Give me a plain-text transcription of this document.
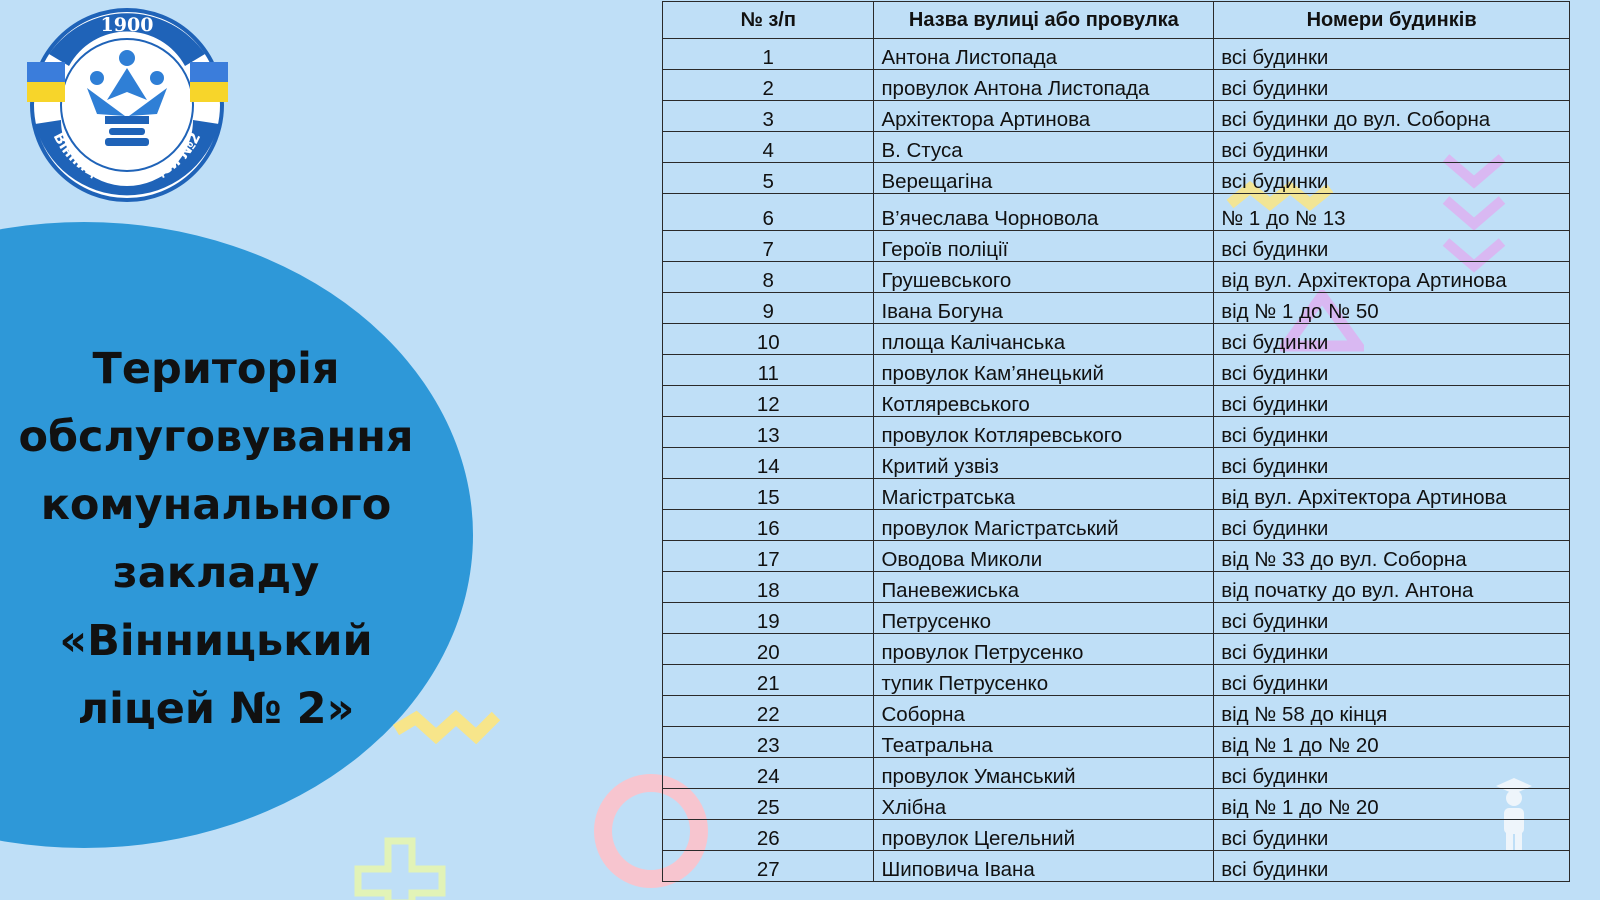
1900
Вінницький ліцей №2
Територія
обслуговування
комунального
закладу
«Вінницький
ліцей № 2»
№ з/п	Назва вулиці або провулка	Номери будинків
1	Антона Листопада	всі будинки
2	провулок Антона Листопада	всі будинки
3	Архітектора Артинова	всі будинки до вул. Соборна
4	В. Стуса	всі будинки
5	Верещагіна	всі будинки
6	В’ячеслава Чорновола	№ 1 до № 13
7	Героїв поліції	всі будинки
8	Грушевського	від вул. Архітектора Артинова
9	Івана Богуна	від № 1 до № 50
10	площа Калічанська	всі будинки
11	провулок Кам’янецький	всі будинки
12	Котляревського	всі будинки
13	провулок Котляревського	всі будинки
14	Критий узвіз	всі будинки
15	Магістратська	від вул. Архітектора Артинова
16	провулок Магістратський	всі будинки
17	Оводова Миколи	від № 33 до вул. Соборна
18	Паневежиська	від початку до вул. Антона
19	Петрусенко	всі будинки
20	провулок Петрусенко	всі будинки
21	тупик Петрусенко	всі будинки
22	Соборна	від № 58 до кінця
23	Театральна	від № 1 до № 20
24	провулок Уманський	всі будинки
25	Хлібна	від № 1 до № 20
26	провулок Цегельний	всі будинки
27	Шиповича Івана	всі будинки
